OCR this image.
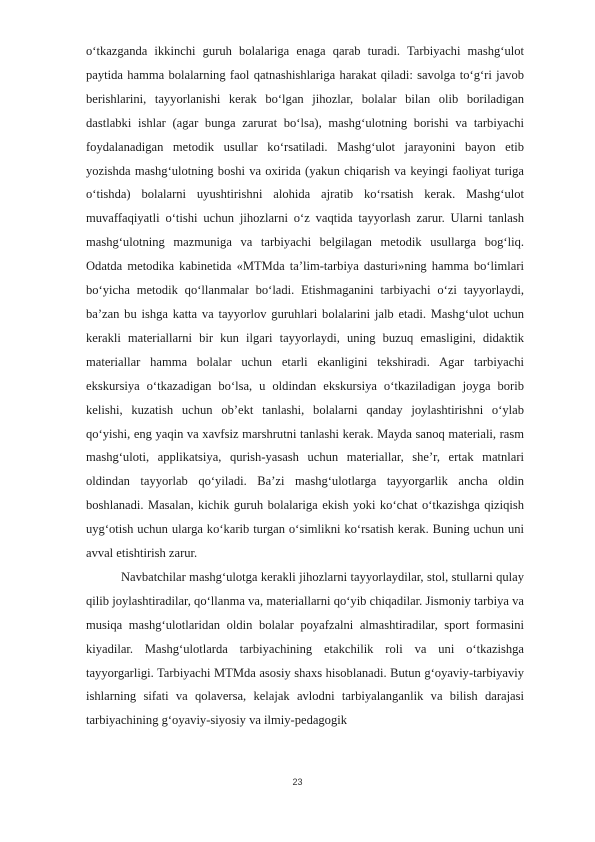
o‘tkazganda ikkinchi guruh bolalariga enaga qarab turadi. Tarbiyachi mashg‘ulot paytida hamma bolalarning faol qatnashishlariga harakat qiladi: savolga to‘g‘ri javob berishlarini, tayyorlanishi kerak bo‘lgan jihozlar, bolalar bilan olib boriladigan dastlabki ishlar (agar bunga zarurat bo‘lsa), mashg‘ulotning borishi va tarbiyachi foydalanadigan metodik usullar ko‘rsatiladi. Mashg‘ulot jarayonini bayon etib yozishda mashg‘ulotning boshi va oxirida (yakun chiqarish va keyingi faoliyat turiga o‘tishda) bolalarni uyushtirishni alohida ajratib ko‘rsatish kerak. Mashg‘ulot muvaffaqiyatli o‘tishi uchun jihozlarni o‘z vaqtida tayyorlash zarur. Ularni tanlash mashg‘ulotning mazmuniga va tarbiyachi belgilagan metodik usullarga bog‘liq. Odatda metodika kabinetida «MTMda ta’lim-tarbiya dasturi»ning hamma bo‘limlari bo‘yicha metodik qo‘llanmalar bo‘ladi. Etishmaganini tarbiyachi o‘zi tayyorlaydi, ba’zan bu ishga katta va tayyorlov guruhlari bolalarini jalb etadi. Mashg‘ulot uchun kerakli materiallarni bir kun ilgari tayyorlaydi, uning buzuq emasligini, didaktik materiallar hamma bolalar uchun etarli ekanligini tekshiradi. Agar tarbiyachi ekskursiya o‘tkazadigan bo‘lsa, u oldindan ekskursiya o‘tkaziladigan joyga borib kelishi, kuzatish uchun ob’ekt tanlashi, bolalarni qanday joylashtirishni o‘ylab qo‘yishi, eng yaqin va xavfsiz marshrutni tanlashi kerak. Mayda sanoq materiali, rasm mashg‘uloti, applikatsiya, qurish-yasash uchun materiallar, she’r, ertak matnlari oldindan tayyorlab qo‘yiladi. Ba’zi mashg‘ulotlarga tayyorgarlik ancha oldin boshlanadi. Masalan, kichik guruh bolalariga ekish yoki ko‘chat o‘tkazishga qiziqish uyg‘otish uchun ularga ko‘karib turgan o‘simlikni ko‘rsatish kerak. Buning uchun uni avval etishtirish zarur.

Navbatchilar mashg‘ulotga kerakli jihozlarni tayyorlaydilar, stol, stullarni qulay qilib joylashtiradilar, qo‘llanma va, materiallarni qo‘yib chiqadilar. Jismoniy tarbiya va musiqa mashg‘ulotlaridan oldin bolalar poyafzalni almashtiradilar, sport formasini kiyadilar. Mashg‘ulotlarda tarbiyachining etakchilik roli va uni o‘tkazishga tayyorgarligi. Tarbiyachi MTMda asosiy shaxs hisoblanadi. Butun g‘oyaviy-tarbiyaviy ishlarning sifati va qolaversa, kelajak avlodni tarbiyalanganlik va bilish darajasi tarbiyachining g‘oyaviy-siyosiy va ilmiy-pedagogik

23
